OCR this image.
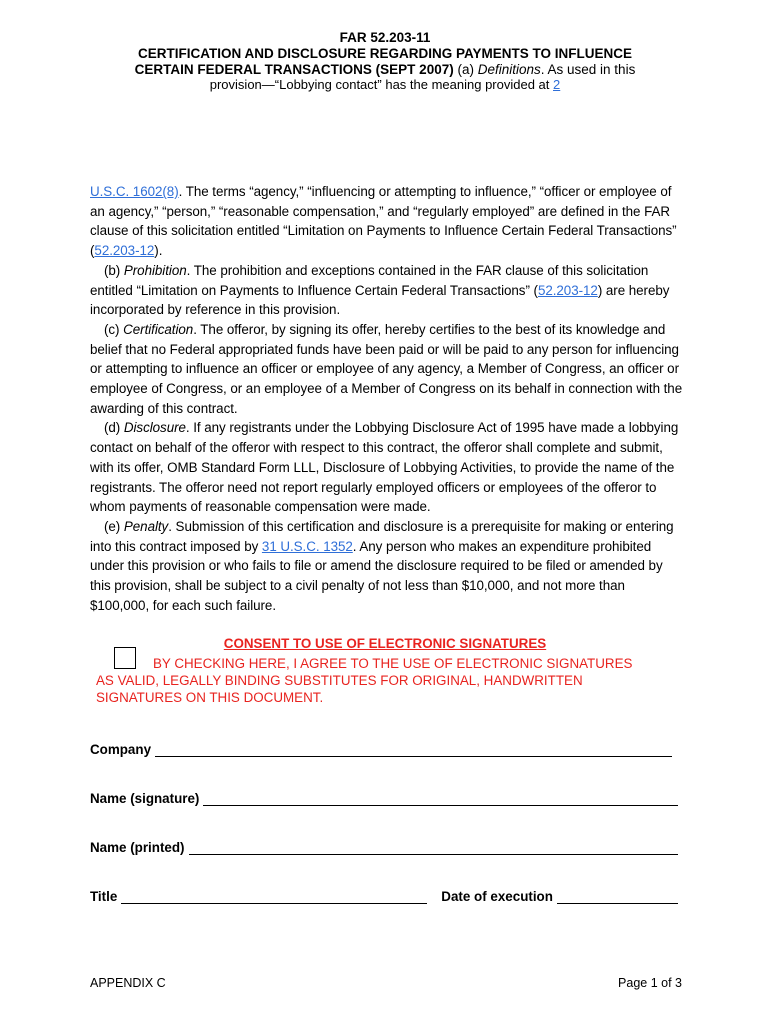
FAR 52.203-11
CERTIFICATION AND DISCLOSURE REGARDING PAYMENTS TO INFLUENCE
CERTAIN FEDERAL TRANSACTIONS (SEPT 2007) (a) Definitions. As used in this
provision—“Lobbying contact” has the meaning provided at 2

U.S.C. 1602(8). The terms “agency,” “influencing or attempting to influence,” “officer or employee of an agency,” “person,” “reasonable compensation,” and “regularly employed” are defined in the FAR clause of this solicitation entitled “Limitation on Payments to Influence Certain Federal Transactions” (52.203-12).

(b) Prohibition. The prohibition and exceptions contained in the FAR clause of this solicitation entitled “Limitation on Payments to Influence Certain Federal Transactions” (52.203-12) are hereby incorporated by reference in this provision.

(c) Certification. The offeror, by signing its offer, hereby certifies to the best of its knowledge and belief that no Federal appropriated funds have been paid or will be paid to any person for influencing or attempting to influence an officer or employee of any agency, a Member of Congress, an officer or employee of Congress, or an employee of a Member of Congress on its behalf in connection with the awarding of this contract.

(d) Disclosure. If any registrants under the Lobbying Disclosure Act of 1995 have made a lobbying contact on behalf of the offeror with respect to this contract, the offeror shall complete and submit, with its offer, OMB Standard Form LLL, Disclosure of Lobbying Activities, to provide the name of the registrants. The offeror need not report regularly employed officers or employees of the offeror to whom payments of reasonable compensation were made.

(e) Penalty. Submission of this certification and disclosure is a prerequisite for making or entering into this contract imposed by 31 U.S.C. 1352. Any person who makes an expenditure prohibited under this provision or who fails to file or amend the disclosure required to be filed or amended by this provision, shall be subject to a civil penalty of not less than $10,000, and not more than $100,000, for each such failure.

CONSENT TO USE OF ELECTRONIC SIGNATURES
BY CHECKING HERE, I AGREE TO THE USE OF ELECTRONIC SIGNATURES
AS VALID, LEGALLY BINDING SUBSTITUTES FOR ORIGINAL, HANDWRITTEN
SIGNATURES ON THIS DOCUMENT.
Company
Name (signature)
Name (printed)
Title	Date of execution
APPENDIX C	Page 1 of 3
